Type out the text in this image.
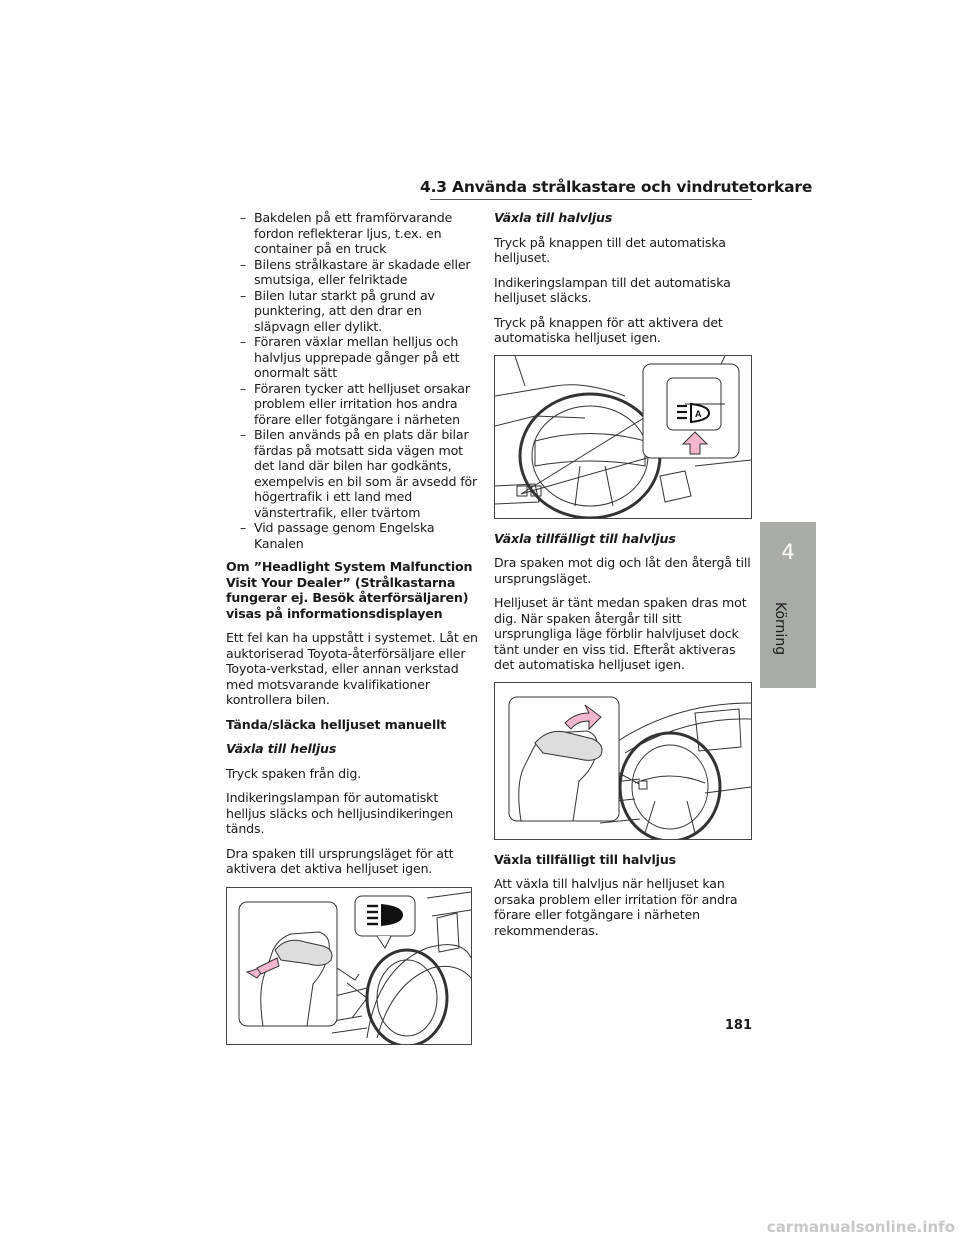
4.3 Använda strålkastare och vindrutetorkare
– Bakdelen på ett framförvarande fordon reflekterar ljus, t.ex. en container på en truck
– Bilens strålkastare är skadade eller smutsiga, eller felriktade
– Bilen lutar starkt på grund av punktering, att den drar en släpvagn eller dylikt.
– Föraren växlar mellan helljus och halvljus upprepade gånger på ett onormalt sätt
– Föraren tycker att helljuset orsakar problem eller irritation hos andra förare eller fotgängare i närheten
– Bilen används på en plats där bilar färdas på motsatt sida vägen mot det land där bilen har godkänts, exempelvis en bil som är avsedd för högertrafik i ett land med vänstertrafik, eller tvärtom
– Vid passage genom Engelska Kanalen
Om ”Headlight System Malfunction Visit Your Dealer” (Strålkastarna fungerar ej. Besök återförsäljaren) visas på informationsdisplayen
Ett fel kan ha uppstått i systemet. Låt en auktoriserad Toyota-återförsäljare eller Toyota-verkstad, eller annan verkstad med motsvarande kvalifikationer kontrollera bilen.
Tända/släcka helljuset manuellt
Växla till helljus
Tryck spaken från dig.
Indikeringslampan för automatiskt helljus släcks och helljusindikeringen tänds.
Dra spaken till ursprungsläget för att aktivera det aktiva helljuset igen.
Växla till halvljus
Tryck på knappen till det automatiska helljuset.
Indikeringslampan till det automatiska helljuset släcks.
Tryck på knappen för att aktivera det automatiska helljuset igen.
A
Växla tillfälligt till halvljus
Dra spaken mot dig och låt den återgå till ursprungsläget.
Helljuset är tänt medan spaken dras mot dig. När spaken återgår till sitt ursprungliga läge förblir halvljuset dock tänt under en viss tid. Efteråt aktiveras det automatiska helljuset igen.
Växla tillfälligt till halvljus
Att växla till halvljus när helljuset kan orsaka problem eller irritation för andra förare eller fotgängare i närheten rekommenderas.
4
Körning
181
carmanualsonline.info
